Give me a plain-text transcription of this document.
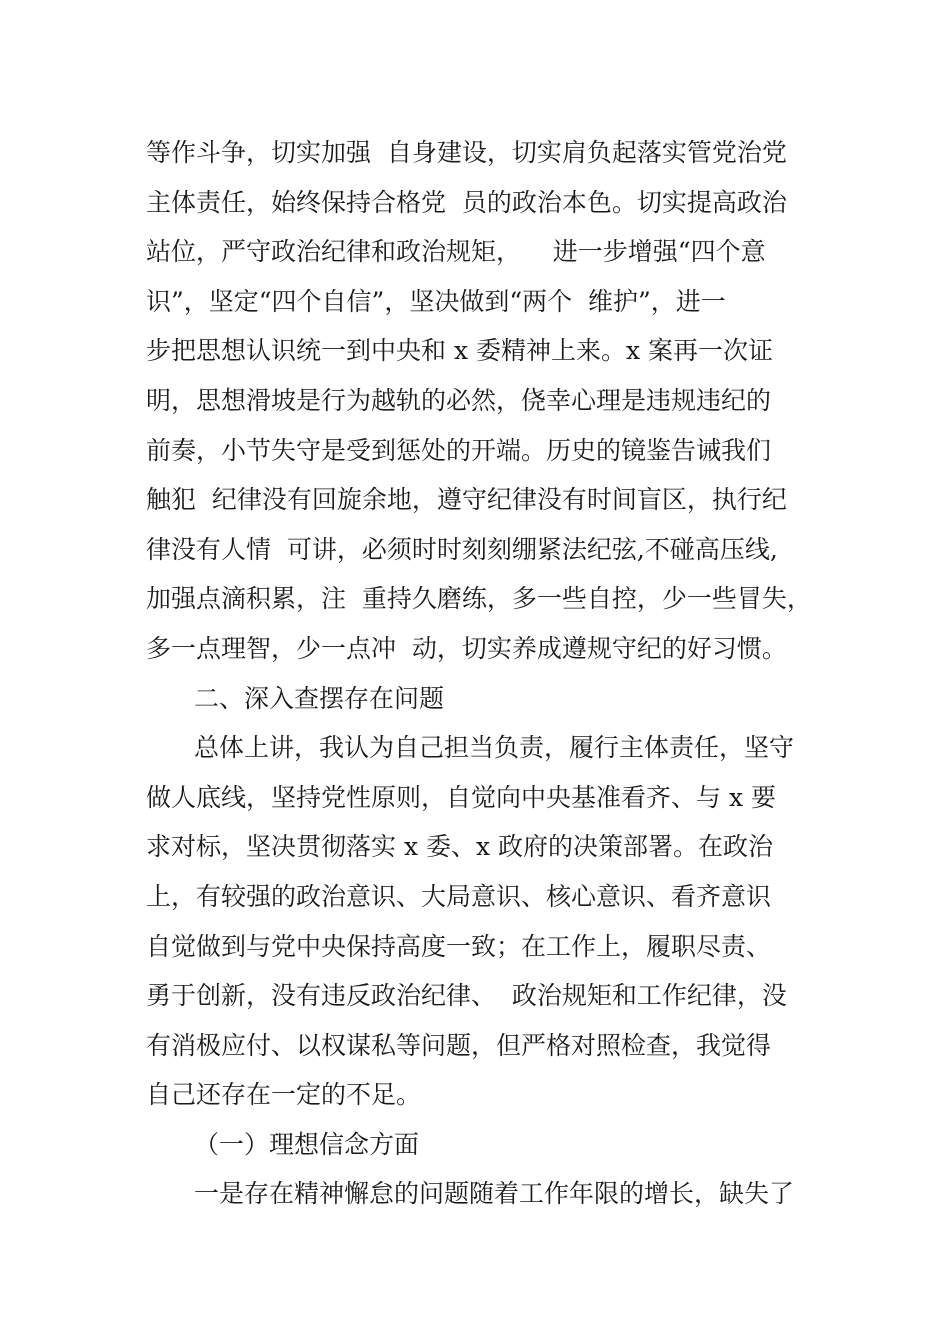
等作斗争，切实加强  自身建设，切实肩负起落实管党治党
主体责任，始终保持合格党  员的政治本色。切实提高政治
站位，严守政治纪律和政治规矩，    进一步增强“四个意
识”，坚定“四个自信”，坚决做到“两个  维护”，进一
步把思想认识统一到中央和 x 委精神上来。x 案再一次证
明，思想滑坡是行为越轨的必然，侥幸心理是违规违纪的
前奏，小节失守是受到惩处的开端。历史的镜鉴告诫我们
触犯  纪律没有回旋余地，遵守纪律没有时间盲区，执行纪
律没有人情  可讲，必须时时刻刻绷紧法纪弦,不碰高压线,
加强点滴积累，注  重持久磨练，多一些自控，少一些冒失，
多一点理智，少一点冲  动，切实养成遵规守纪的好习惯。
二、深入查摆存在问题
总体上讲，我认为自己担当负责，履行主体责任，坚守
做人底线，坚持党性原则，自觉向中央基准看齐、与 x 要
求对标，坚决贯彻落实 x 委、x 政府的决策部署。在政治
上，有较强的政治意识、大局意识、核心意识、看齐意识
自觉做到与党中央保持高度一致；在工作上，履职尽责、
勇于创新，没有违反政治纪律、  政治规矩和工作纪律，没
有消极应付、以权谋私等问题，但严格对照检查，我觉得
自己还存在一定的不足。
（一）理想信念方面
一是存在精神懈怠的问题随着工作年限的增长，缺失了
